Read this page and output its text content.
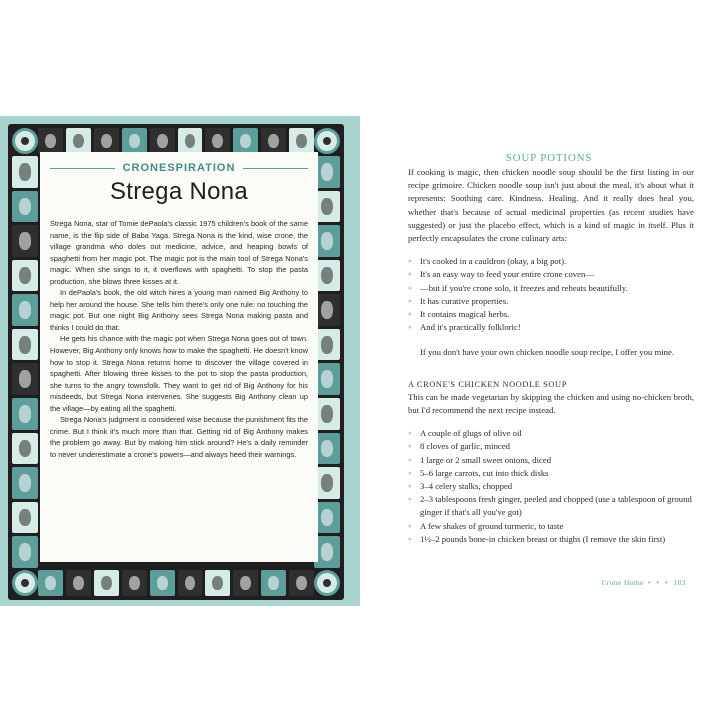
CRONESPIRATION
Strega Nona

Strega Nona, star of Tomie dePaola's classic 1975 children's book of the same name, is the flip side of Baba Yaga. Strega Nona is the kind, wise crone, the village grandma who doles out medicine, advice, and heaping bowls of spaghetti from her magic pot. The magic pot is the main tool of Strega Nona's magic. When she sings to it, it overflows with spaghetti. To stop the pasta production, she blows three kisses at it.

In dePaola's book, the old witch hires a young man named Big Anthony to help her around the house. She tells him there's only one rule: no touching the magic pot. But one night Big Anthony sees Strega Nona making pasta and thinks I could do that.

He gets his chance with the magic pot when Strega Nona goes out of town. However, Big Anthony only knows how to make the spaghetti. He doesn't know how to stop it. Strega Nona returns home to discover the village covered in spaghetti. After blowing three kisses to the pot to stop the pasta production, she turns to the angry townsfolk. They want to get rid of Big Anthony for his misdeeds, but Strega Nona intervenes. She suggests Big Anthony clean up the village—by eating all the spaghetti.

Strega Nona's judgment is considered wise because the punishment fits the crime. But I think it's much more than that. Getting rid of Big Anthony makes the problem go away. But by making him stick around? He's a daily reminder to never underestimate a crone's powers—and always heed their warnings.

SOUP POTIONS

If cooking is magic, then chicken noodle soup should be the first listing in our recipe grimoire. Chicken noodle soup isn't just about the meal, it's about what it represents: Soothing care. Kindness. Healing. And it really does heal you, whether that's because of actual medicinal properties (as recent studies have suggested) or just the placebo effect, which is a kind of magic in itself. Plus it perfectly encapsulates the crone culinary arts:

» It's cooked in a cauldron (okay, a big pot).
» It's an easy way to feed your entire crone coven—
» —but if you're crone solo, it freezes and reheats beautifully.
» It has curative properties.
» It contains magical herbs.
» And it's practically folkloric!

If you don't have your own chicken noodle soup recipe, I offer you mine.

A CRONE'S CHICKEN NOODLE SOUP

This can be made vegetarian by skipping the chicken and using no-chicken broth, but I'd recommend the next recipe instead.

» A couple of glugs of olive oil
» 8 cloves of garlic, minced
» 1 large or 2 small sweet onions, diced
» 5–6 large carrots, cut into thick disks
» 3–4 celery stalks, chopped
» 2–3 tablespoons fresh ginger, peeled and chopped (use a tablespoon of ground ginger if that's all you've got)
» A few shakes of ground turmeric, to taste
» 1½–2 pounds bone-in chicken breast or thighs (I remove the skin first)
Crone Home • • • 103
